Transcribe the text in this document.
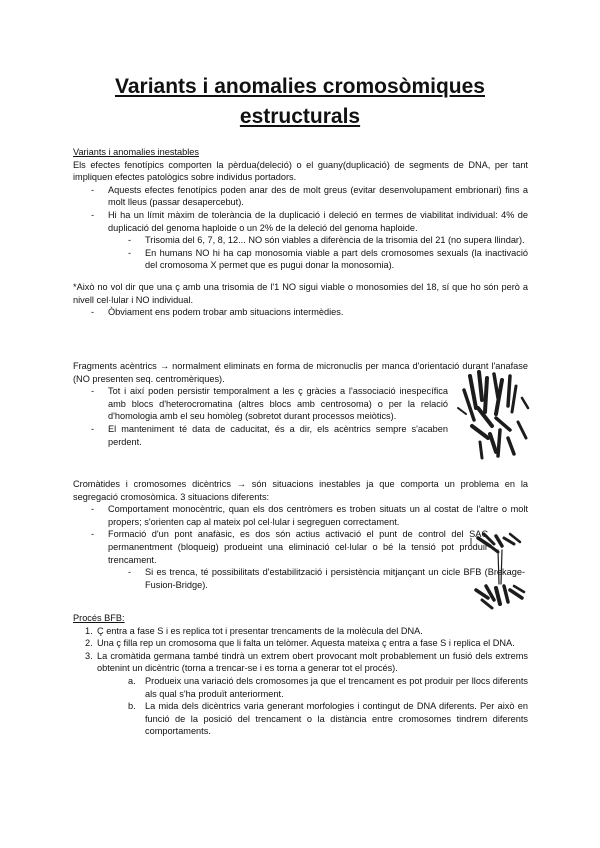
Variants i anomalies cromosòmiques
estructurals
Variants i anomalies inestables
Els efectes fenotípics comporten la pèrdua(deleció) o el guany(duplicació) de segments de DNA, per tant impliquen efectes patològics sobre individus portadors.
- Aquests efectes fenotípics poden anar des de molt greus (evitar desenvolupament embrionari) fins a molt lleus (passar desapercebut).
- Hi ha un límit màxim de tolerància de la duplicació i deleció en termes de viabilitat individual: 4% de duplicació del genoma haploide o un 2% de la deleció del genoma haploide.
- Trisomia del 6, 7, 8, 12... NO són viables a diferència de la trisomia del 21 (no supera llindar).
- En humans NO hi ha cap monosomia viable a part dels cromosomes sexuals (la inactivació del cromosoma X permet que es pugui donar la monosomia).
*Això no vol dir que una ç amb una trisomia de l'1 NO sigui viable o monosomies del 18, sí que ho són però a nivell cel·lular i NO individual.
- Òbviament ens podem trobar amb situacions intermèdies.
Fragments acèntrics → normalment eliminats en forma de micronuclis per manca d'orientació durant l'anafase (NO presenten seq. centromèriques).
- Tot i així poden persistir temporalment a les ç gràcies a l'associació inespecífica amb blocs d'heterocromatina (altres blocs amb centrosoma) o per la relació d'homologia amb el seu homòleg (sobretot durant processos meiòtics).
- El manteniment té data de caducitat, és a dir, els acèntrics sempre s'acaben perdent.
Cromàtides i cromosomes dicèntrics → són situacions inestables ja que comporta un problema en la segregació cromosòmica. 3 situacions diferents:
- Comportament monocèntric, quan els dos centròmers es troben situats un al costat de l'altre o molt propers; s'orienten cap al mateix pol cel·lular i segreguen correctament.
- Formació d'un pont anafàsic, es dos són actius activació el punt de control del SAC permanentment (bloqueig) produeint una eliminació cel·lular o bé la tensió pot produir trencament.
- Si es trenca, té possibilitats d'estabilització i persistència mitjançant un cicle BFB (Brekage-Fusion-Bridge).
Procés BFB:
1. Ç entra a fase S i es replica tot i presentar trencaments de la molècula del DNA.
2. Una ç filla rep un cromosoma que li falta un telòmer. Aquesta mateixa ç entra a fase S i replica el DNA.
3. La cromàtida germana també tindrà un extrem obert provocant molt probablement un fusió dels extrems obtenint un dicèntric (torna a trencar-se i es torna a generar tot el procés).
a. Produeix una variació dels cromosomes ja que el trencament es pot produir per llocs diferents als qual s'ha produït anteriorment.
b. La mida dels dicèntrics varia generant morfologies i contingut de DNA diferents. Per això en funció de la posició del trencament o la distància entre cromosomes tindrem diferents comportaments.
